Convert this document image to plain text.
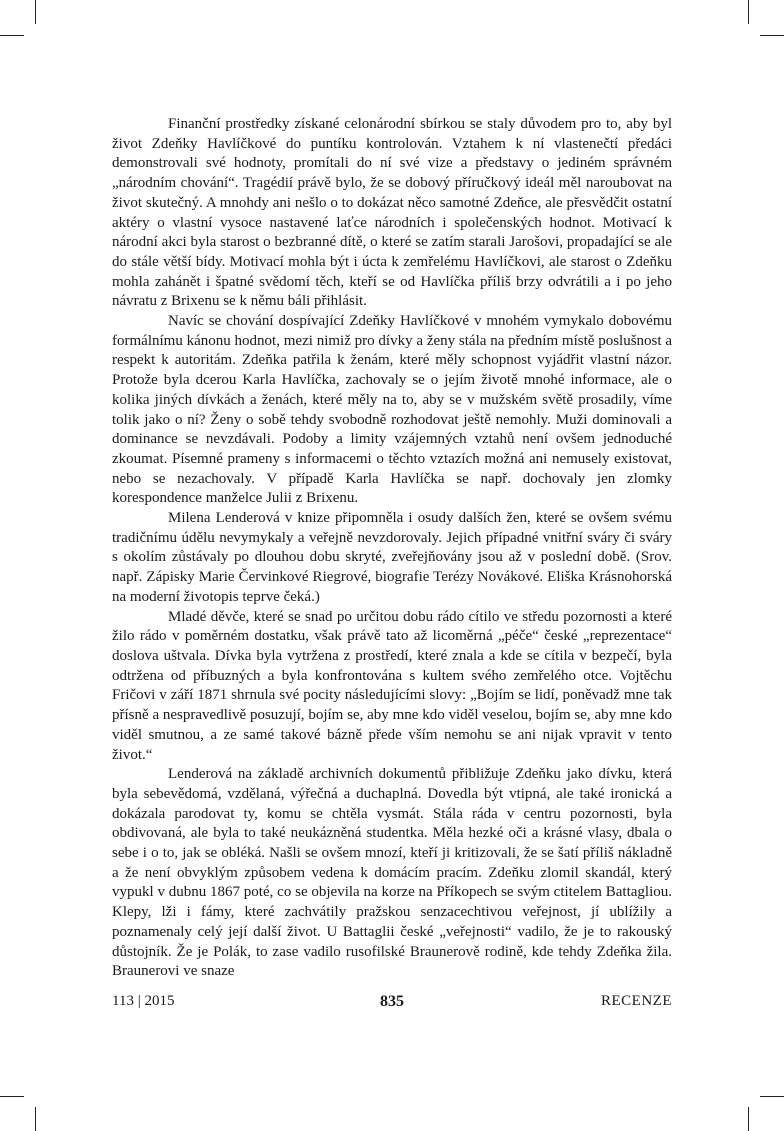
Finanční prostředky získané celonárodní sbírkou se staly důvodem pro to, aby byl život Zdeňky Havlíčkové do puntíku kontrolován. Vztahem k ní vlastenečtí předáci demonstrovali své hodnoty, promítali do ní své vize a představy o jediném správném „národním chování“. Tragédií právě bylo, že se dobový příručkový ideál měl naroubovat na život skutečný. A mnohdy ani nešlo o to dokázat něco samotné Zdeňce, ale přesvědčit ostatní aktéry o vlastní vysoce nastavené laťce národních i společenských hodnot. Motivací k národní akci byla starost o bezbranné dítě, o které se zatím starali Jarošovi, propadající se ale do stále větší bídy. Motivací mohla být i úcta k zemřelému Havlíčkovi, ale starost o Zdeňku mohla zahánět i špatné svědomí těch, kteří se od Havlíčka příliš brzy odvrátili a i po jeho návratu z Brixenu se k němu báli přihlásit.

Navíc se chování dospívající Zdeňky Havlíčkové v mnohém vymykalo dobovému formálnímu kánonu hodnot, mezi nimiž pro dívky a ženy stála na předním místě poslušnost a respekt k autoritám. Zdeňka patřila k ženám, které měly schopnost vyjádřit vlastní názor. Protože byla dcerou Karla Havlíčka, zachovaly se o jejím životě mnohé informace, ale o kolika jiných dívkách a ženách, které měly na to, aby se v mužském světě prosadily, víme tolik jako o ní? Ženy o sobě tehdy svobodně rozhodovat ještě nemohly. Muži dominovali a dominance se nevzdávali. Podoby a limity vzájemných vztahů není ovšem jednoduché zkoumat. Písemné prameny s informacemi o těchto vztazích možná ani nemusely existovat, nebo se nezachovaly. V případě Karla Havlíčka se např. dochovaly jen zlomky korespondence manželce Julii z Brixenu.

Milena Lenderová v knize připomněla i osudy dalších žen, které se ovšem svému tradičnímu údělu nevymykaly a veřejně nevzdorovaly. Jejich případné vnitřní sváry či sváry s okolím zůstávaly po dlouhou dobu skryté, zveřejňovány jsou až v poslední době. (Srov. např. Zápisky Marie Červinkové Riegrové, biografie Terézy Novákové. Eliška Krásnohorská na moderní životopis teprve čeká.)

Mladé děvče, které se snad po určitou dobu rádo cítilo ve středu pozornosti a které žilo rádo v poměrném dostatku, však právě tato až licoměrná „péče“ české „reprezentace“ doslova uštvala. Dívka byla vytržena z prostředí, které znala a kde se cítila v bezpečí, byla odtržena od příbuzných a byla konfrontována s kultem svého zemřelého otce. Vojtěchu Fričovi v září 1871 shrnula své pocity následujícími slovy: „Bojím se lidí, poněvadž mne tak přísně a nespravedlivě posuzují, bojím se, aby mne kdo viděl veselou, bojím se, aby mne kdo viděl smutnou, a ze samé takové bázně přede vším nemohu se ani nijak vpravit v tento život.“

Lenderová na základě archivních dokumentů přibližuje Zdeňku jako dívku, která byla sebevědomá, vzdělaná, výřečná a duchaplná. Dovedla být vtipná, ale také ironická a dokázala parodovat ty, komu se chtěla vysmát. Stála ráda v centru pozornosti, byla obdivovaná, ale byla to také neukázněná studentka. Měla hezké oči a krásné vlasy, dbala o sebe i o to, jak se obléká. Našli se ovšem mnozí, kteří ji kritizovali, že se šatí příliš nákladně a že není obvyklým způsobem vedena k domácím pracím. Zdeňku zlomil skandál, který vypukl v dubnu 1867 poté, co se objevila na korze na Příkopech se svým ctitelem Battagliou. Klepy, lži i fámy, které zachvátily pražskou senzacechtivou veřejnost, jí ublížily a poznamenaly celý její další život. U Battaglii české „veřejnosti“ vadilo, že je to rakouský důstojník. Že je Polák, to zase vadilo rusofilské Braunerově rodině, kde tehdy Zdeňka žila. Braunerovi ve snaze

113 | 2015	835	RECENZE
